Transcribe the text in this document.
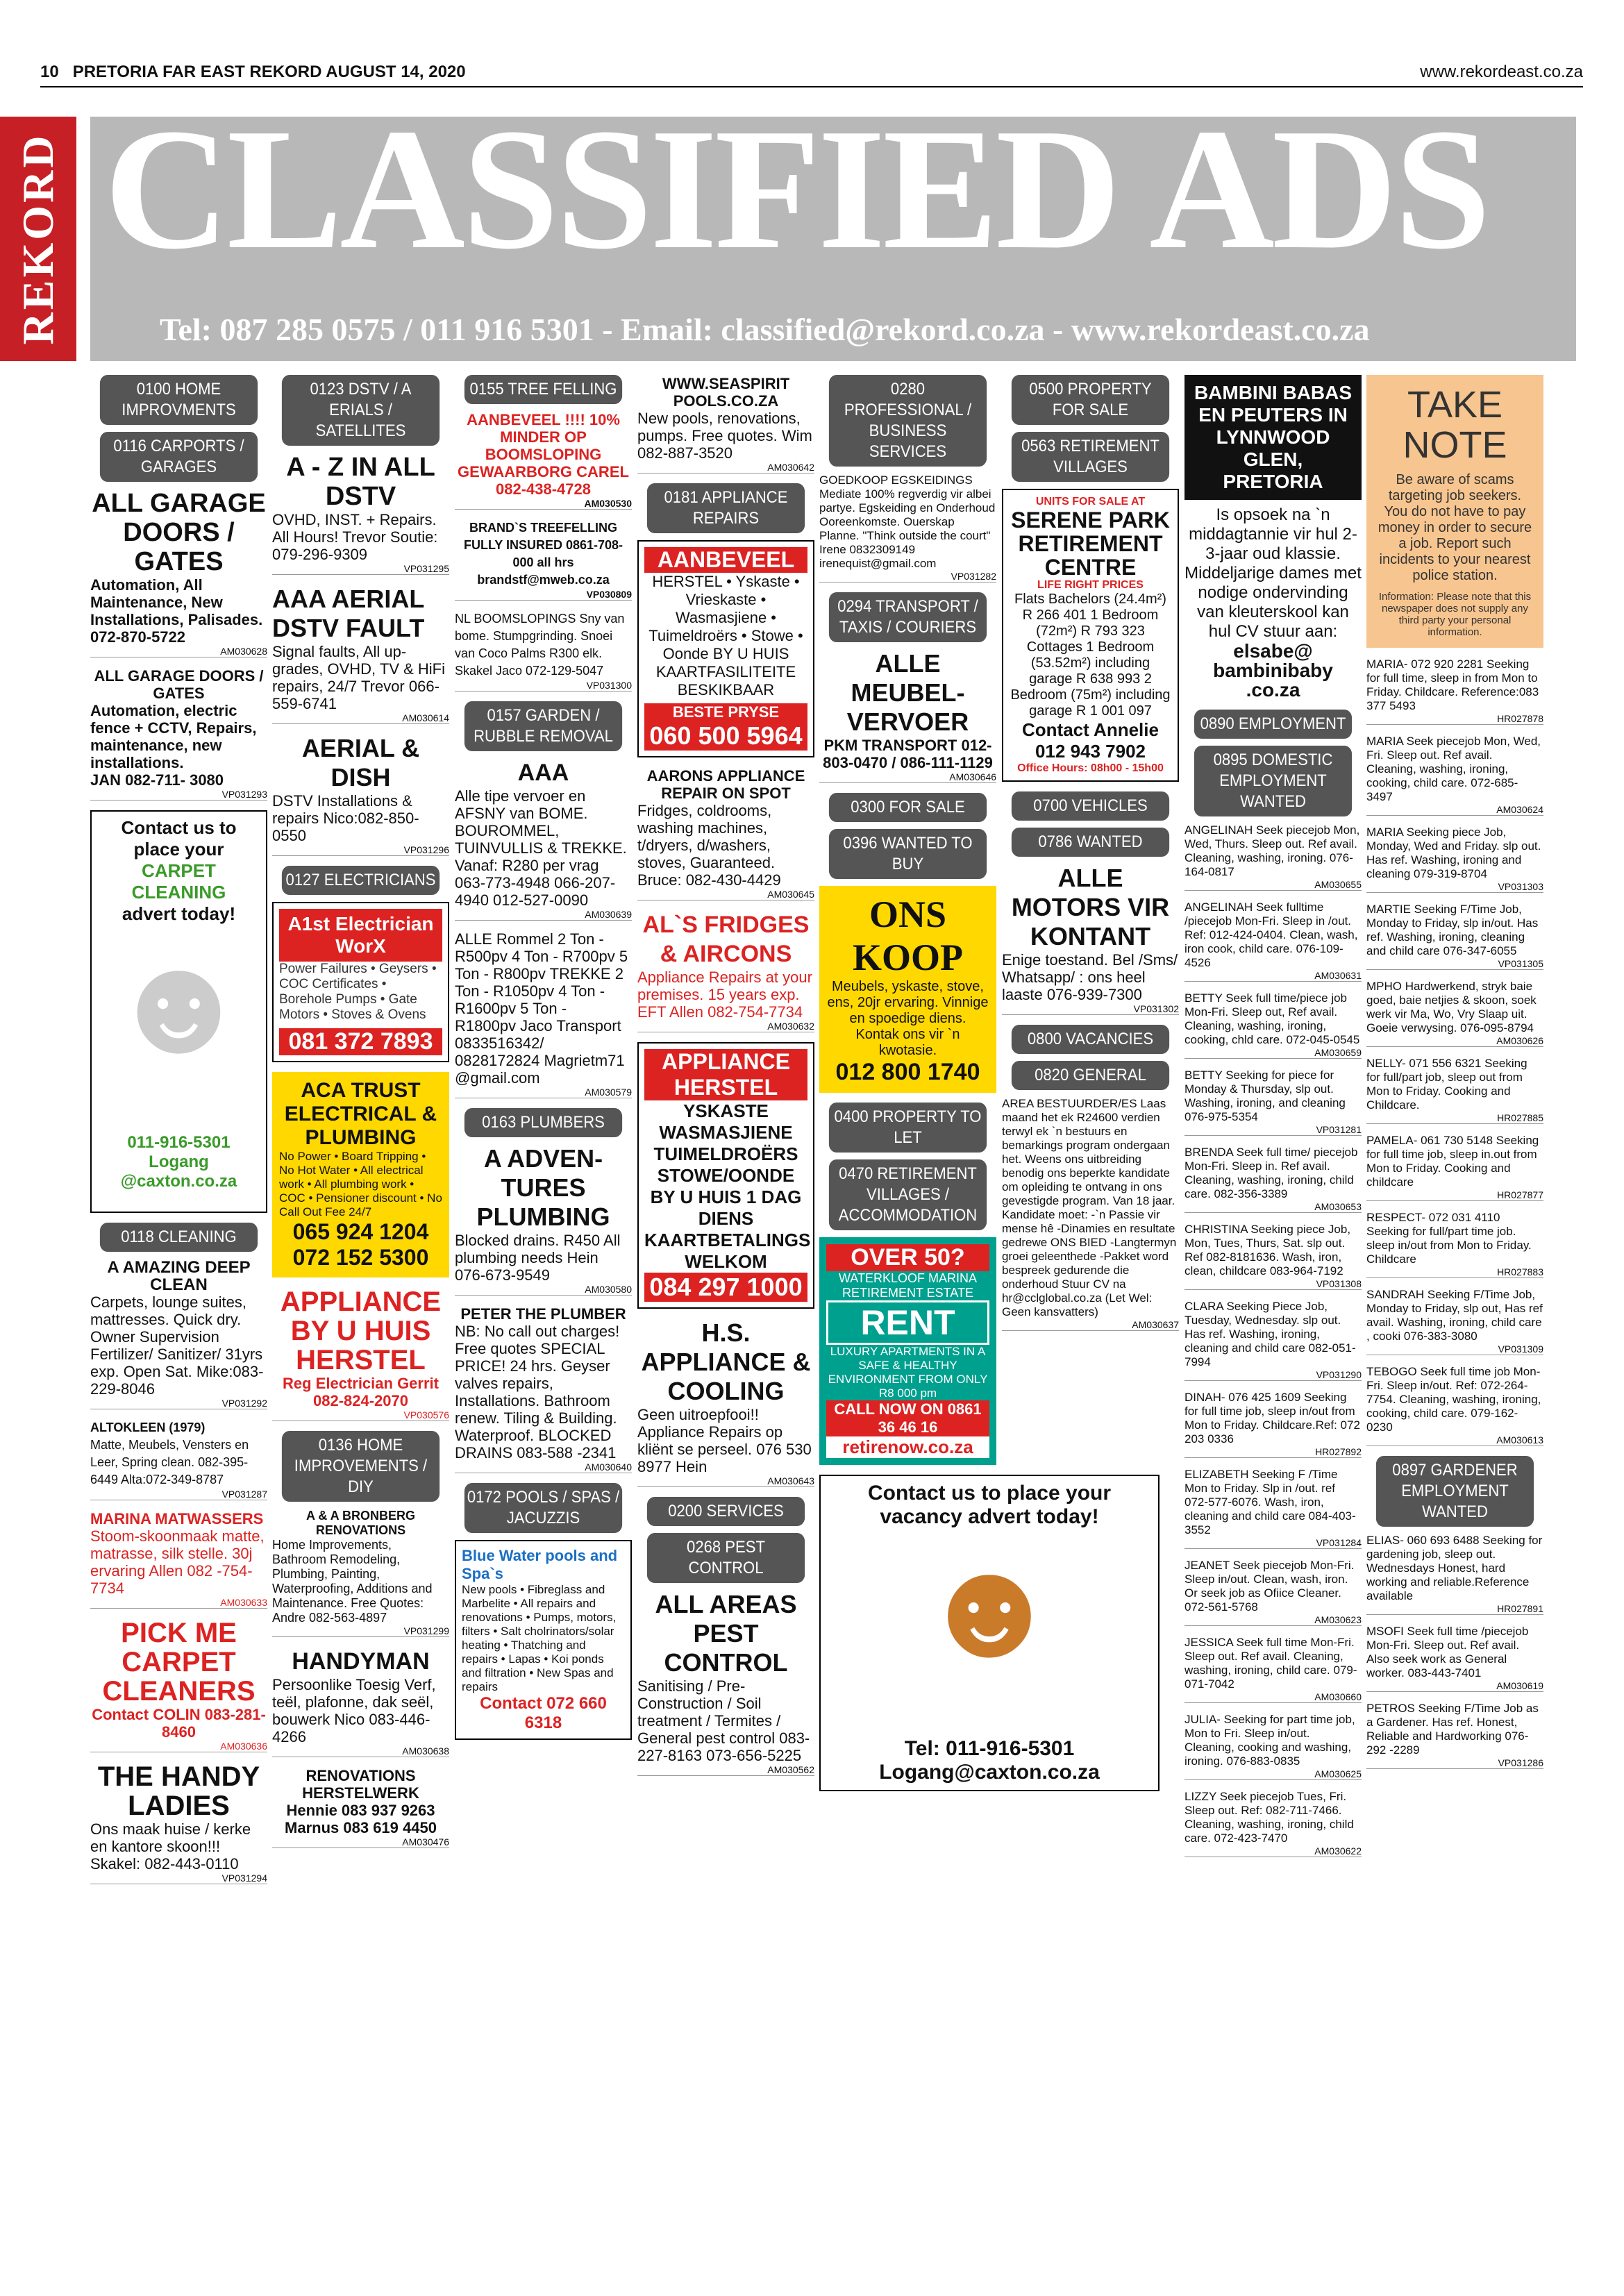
10 PRETORIA FAR EAST REKORD AUGUST 14, 2020	www.rekordeast.co.za
REKORD CLASSIFIED ADS
Tel: 087 285 0575 / 011 916 5301 - Email: classified@rekord.co.za - www.rekordeast.co.za
0100 HOME IMPROVMENTS
0116 CARPORTS / GARAGES
ALL GARAGE DOORS / GATES
Automation, All Maintenance, New Installations, Palisades. 072-870-5722
AM030628
ALL GARAGE DOORS / GATES
Automation, electric fence + CCTV, Repairs, maintenance, new installations.
JAN 082-711- 3080
VP031293
Contact us to place your
CARPET CLEANING
advert today!
☻
011-916-5301 Logang @caxton.co.za
0118 CLEANING
A AMAZING DEEP CLEAN
Carpets, lounge suites, mattresses. Quick dry. Owner Supervision Fertilizer/ Sanitizer/ 31yrs exp. Open Sat. Mike:083-229-8046
VP031292
ALTOKLEEN (1979)
Matte, Meubels, Vensters en Leer, Spring clean. 082-395-6449 Alta:072-349-8787
VP031287
MARINA MATWASSERS
Stoom-skoonmaak matte, matrasse, silk stelle. 30j ervaring Allen 082 -754- 7734
AM030633
PICK ME CARPET CLEANERS
Contact COLIN 083-281-8460
AM030636
THE HANDY LADIES
Ons maak huise / kerke en kantore skoon!!! Skakel: 082-443-0110
VP031294
0123 DSTV / A ERIALS / SATELLITES
A - Z IN ALL DSTV
OVHD, INST. + Repairs. All Hours! Trevor Soutie: 079-296-9309
VP031295
AAA AERIAL DSTV FAULT
Signal faults, All up-grades, OVHD, TV & HiFi repairs, 24/7 Trevor 066-559-6741
AM030614
AERIAL & DISH
DSTV Installations & repairs Nico:082-850-0550
VP031296
0127 ELECTRICIANS
A1st Electrician WorX
Power Failures • Geysers • COC Certificates • Borehole Pumps • Gate Motors • Stoves & Ovens
081 372 7893
ACA TRUST ELECTRICAL & PLUMBING
No Power • Board Tripping • No Hot Water • All electrical work • All plumbing work • COC • Pensioner discount • No Call Out Fee 24/7
065 924 1204 072 152 5300
APPLIANCE BY U HUIS HERSTEL
Reg Electrician Gerrit 082-824-2070
VP030576
0136 HOME IMPROVEMENTS / DIY
A & A BRONBERG RENOVATIONS
Home Improvements, Bathroom Remodeling, Plumbing, Painting, Waterproofing, Additions and Maintenance. Free Quotes: Andre 082-563-4897
VP031299
HANDYMAN
Persoonlike Toesig Verf, teël, plafonne, dak seël, bouwerk Nico 083-446-4266
AM030638
RENOVATIONS HERSTELWERK
Hennie 083 937 9263 Marnus 083 619 4450
AM030476
0155 TREE FELLING
AANBEVEEL !!!! 10% MINDER OP BOOMSLOPING GEWAARBORG CAREL 082-438-4728
AM030530
BRAND`S TREEFELLING FULLY INSURED 0861-708-000 all hrs brandstf@mweb.co.za
VP030809
NL BOOMSLOPINGS Sny van bome. Stumpgrinding. Snoei van Coco Palms R300 elk. Skakel Jaco 072-129-5047
VP031300
0157 GARDEN / RUBBLE REMOVAL
AAA
Alle tipe vervoer en AFSNY van BOME. BOUROMMEL, TUINVULLIS & TREKKE. Vanaf: R280 per vrag 063-773-4948 066-207-4940 012-527-0090
AM030639
ALLE Rommel 2 Ton - R500pv 4 Ton - R700pv 5 Ton - R800pv TREKKE 2 Ton - R1050pv 4 Ton - R1600pv 5 Ton - R1800pv Jaco Transport 0833516342/ 0828172824 Magrietm71 @gmail.com
AM030579
0163 PLUMBERS
A ADVEN-TURES PLUMBING
Blocked drains. R450 All plumbing needs Hein 076-673-9549
AM030580
PETER THE PLUMBER
NB: No call out charges! Free quotes SPECIAL PRICE! 24 hrs. Geyser valves repairs, Installations. Bathroom renew. Tiling & Building. Waterproof. BLOCKED DRAINS 083-588 -2341
AM030640
0172 POOLS / SPAS / JACUZZIS
Blue Water pools and Spa`s
New pools • Fibreglass and Marbelite • All repairs and renovations • Pumps, motors, filters • Salt cholrinators/solar heating • Thatching and repairs • Lapas • Koi ponds and filtration • New Spas and repairs
Contact 072 660 6318
WWW.SEASPIRIT POOLS.CO.ZA
New pools, renovations, pumps. Free quotes. Wim 082-887-3520
AM030642
0181 APPLIANCE REPAIRS
AANBEVEEL
HERSTEL • Yskaste • Vrieskaste • Wasmasjiene • Tuimeldroërs • Stowe • Oonde BY U HUIS KAARTFASILITEITE BESKIKBAAR
BESTE PRYSE
060 500 5964
AARONS APPLIANCE REPAIR ON SPOT
Fridges, coldrooms, washing machines, t/dryers, d/washers, stoves, Guaranteed. Bruce: 082-430-4429
AM030645
AL`S FRIDGES & AIRCONS
Appliance Repairs at your premises. 15 years exp. EFT Allen 082-754-7734
AM030632
APPLIANCE HERSTEL
YSKASTE WASMASJIENE TUIMELDROËRS STOWE/OONDE BY U HUIS 1 DAG DIENS KAARTBETALINGS WELKOM
084 297 1000
H.S. APPLIANCE & COOLING
Geen uitroepfooi!! Appliance Repairs op kliënt se perseel. 076 530 8977 Hein
AM030643
0200 SERVICES
0268 PEST CONTROL
ALL AREAS PEST CONTROL
Sanitising / Pre-Construction / Soil treatment / Termites / General pest control 083-227-8163 073-656-5225
AM030562
0280 PROFESSIONAL / BUSINESS SERVICES
GOEDKOOP EGSKEIDINGS Mediate 100% regverdig vir albei partye. Egskeiding en Onderhoud Ooreenkomste. Ouerskap Planne. "Think outside the court" Irene 0832309149 irenequist@gmail.com
VP031282
0294 TRANSPORT / TAXIS / COURIERS
ALLE MEUBEL-VERVOER
PKM TRANSPORT 012-803-0470 / 086-111-1129
AM030646
0300 FOR SALE
0396 WANTED TO BUY
ONS KOOP
Meubels, yskaste, stove, ens, 20jr ervaring. Vinnige en spoedige diens. Kontak ons vir `n kwotasie.
012 800 1740
0400 PROPERTY TO LET
0470 RETIREMENT VILLAGES / ACCOMMODATION
OVER 50?
WATERKLOOF MARINA RETIREMENT ESTATE
RENT
LUXURY APARTMENTS IN A SAFE & HEALTHY ENVIRONMENT FROM ONLY R8 000 pm
CALL NOW ON 0861 36 46 16
retirenow.co.za
Contact us to place your vacancy advert today!
☻
Tel: 011-916-5301
Logang@caxton.co.za
0500 PROPERTY FOR SALE
0563 RETIREMENT VILLAGES
UNITS FOR SALE AT
SERENE PARK RETIREMENT CENTRE
LIFE RIGHT PRICES
Flats Bachelors (24.4m²) R 266 401 1 Bedroom (72m²) R 793 323 Cottages 1 Bedroom (53.52m²) including garage R 638 993 2 Bedroom (75m²) including garage R 1 001 097
Contact Annelie 012 943 7902
Office Hours: 08h00 - 15h00
0700 VEHICLES
0786 WANTED
ALLE MOTORS VIR KONTANT
Enige toestand. Bel /Sms/ Whatsapp/ : ons heel laaste 076-939-7300
VP031302
0800 VACANCIES
0820 GENERAL
AREA BESTUURDER/ES Laas maand het ek R24600 verdien terwyl ek `n bestuurs en bemarkings program ondergaan het. Weens ons uitbreiding benodig ons beperkte kandidate om opleiding te ontvang in ons gevestigde program. Van 18 jaar. Kandidate moet: -`n Passie vir mense hê -Dinamies en resultate gedrewe ONS BIED -Langtermyn groei geleenthede -Pakket word bespreek gedurende die onderhoud Stuur CV na hr@cclglobal.co.za (Let Wel: Geen kansvatters)
AM030637
BAMBINI BABAS EN PEUTERS IN LYNNWOOD GLEN, PRETORIA
Is opsoek na `n middagtannie vir hul 2-3-jaar oud klassie. Middeljarige dames met nodige ondervinding van kleuterskool kan hul CV stuur aan:
elsabe@ bambinibaby .co.za
0890 EMPLOYMENT
0895 DOMESTIC EMPLOYMENT WANTED
ANGELINAH Seek piecejob Mon, Wed, Thurs. Sleep out. Ref avail. Cleaning, washing, ironing. 076-164-0817
AM030655
ANGELINAH Seek fulltime /piecejob Mon-Fri. Sleep in /out. Ref: 012-424-0404. Clean, wash, iron cook, child care. 076-109-4526
AM030631
BETTY Seek full time/piece job Mon-Fri. Sleep out, Ref avail. Cleaning, washing, ironing, cooking, chld care. 072-045-0545
AM030659
BETTY Seeking for piece for Monday & Thursday, slp out. Washing, ironing, and cleaning 076-975-5354
VP031281
BRENDA Seek full time/ piecejob Mon-Fri. Sleep in. Ref avail. Cleaning, washing, ironing, child care. 082-356-3389
AM030653
CHRISTINA Seeking piece Job, Mon, Tues, Thurs, Sat. slp out. Ref 082-8181636. Wash, iron, clean, childcare 083-964-7192
VP031308
CLARA Seeking Piece Job, Tuesday, Wednesday. slp out. Has ref. Washing, ironing, cleaning and child care 082-051-7994
VP031290
DINAH- 076 425 1609 Seeking for full time job, sleep in/out from Mon to Friday. Childcare.Ref: 072 203 0336
HR027892
ELIZABETH Seeking F /Time Mon to Friday. Slp in /out. ref 072-577-6076. Wash, iron, cleaning and child care 084-403-3552
VP031284
JEANET Seek piecejob Mon-Fri. Sleep in/out. Clean, wash, iron. Or seek job as Ofiice Cleaner. 072-561-5768
AM030623
JESSICA Seek full time Mon-Fri. Sleep out. Ref avail. Cleaning, washing, ironing, child care. 079-071-7042
AM030660
JULIA- Seeking for part time job, Mon to Fri. Sleep in/out. Cleaning, cooking and washing, ironing. 076-883-0835
AM030625
LIZZY Seek piecejob Tues, Fri. Sleep out. Ref: 082-711-7466. Cleaning, washing, ironing, child care. 072-423-7470
AM030622
TAKE NOTE
Be aware of scams targeting job seekers. You do not have to pay money in order to secure a job. Report such incidents to your nearest police station.
Information: Please note that this newspaper does not supply any third party your personal information.
MARIA- 072 920 2281 Seeking for full time, sleep in from Mon to Friday. Childcare. Reference:083 377 5493
HR027878
MARIA Seek piecejob Mon, Wed, Fri. Sleep out. Ref avail. Cleaning, washing, ironing, cooking, child care. 072-685-3497
AM030624
MARIA Seeking piece Job, Monday, Wed and Friday. slp out. Has ref. Washing, ironing and cleaning 079-319-8704
VP031303
MARTIE Seeking F/Time Job, Monday to Friday, slp in/out. Has ref. Washing, ironing, cleaning and child care 076-347-6055
VP031305
MPHO Hardwerkend, stryk baie goed, baie netjies & skoon, soek werk vir Ma, Wo, Vry Slaap uit. Goeie verwysing. 076-095-8794
AM030626
NELLY- 071 556 6321 Seeking for full/part job, sleep out from Mon to Friday. Cooking and Childcare.
HR027885
PAMELA- 061 730 5148 Seeking for full time job, sleep in.out from Mon to Friday. Cooking and childcare
HR027877
RESPECT- 072 031 4110 Seeking for full/part time job. sleep in/out from Mon to Friday. Childcare
HR027883
SANDRAH Seeking F/Time Job, Monday to Friday, slp out, Has ref avail. Washing, ironing, child care , cooki 076-383-3080
VP031309
TEBOGO Seek full time job Mon-Fri. Sleep in/out. Ref: 072-264-7754. Cleaning, washing, ironing, cooking, child care. 079-162-0230
AM030613
0897 GARDENER EMPLOYMENT WANTED
ELIAS- 060 693 6488 Seeking for gardening job, sleep out. Wednesdays Honest, hard working and reliable.Reference available
HR027891
MSOFI Seek full time /piecejob Mon-Fri. Sleep out. Ref avail. Also seek work as General worker. 083-443-7401
AM030619
PETROS Seeking F/Time Job as a Gardener. Has ref. Honest, Reliable and Hardworking 076-292 -2289
VP031286
